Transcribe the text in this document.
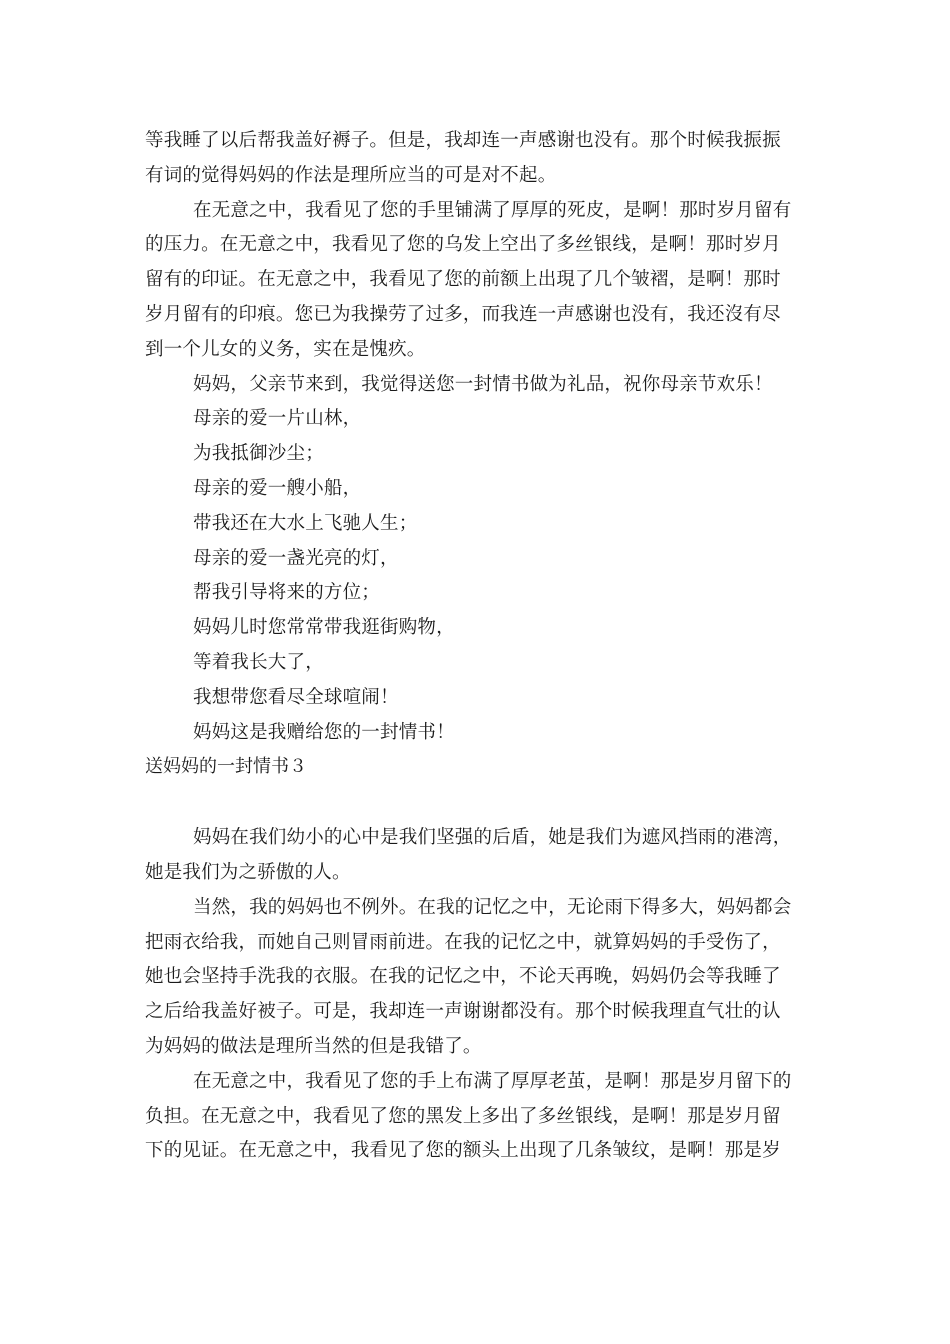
等我睡了以后帮我盖好褥子。但是，我却连一声感谢也没有。那个时候我振振
有词的觉得妈妈的作法是理所应当的可是对不起。
在无意之中，我看见了您的手里铺满了厚厚的死皮，是啊！那时岁月留有
的压力。在无意之中，我看见了您的乌发上空出了多丝银线，是啊！那时岁月
留有的印证。在无意之中，我看见了您的前额上出現了几个皱褶，是啊！那时
岁月留有的印痕。您已为我操劳了过多，而我连一声感谢也没有，我还沒有尽
到一个儿女的义务，实在是愧疚。
妈妈，父亲节来到，我觉得送您一封情书做为礼品，祝你母亲节欢乐！
母亲的爱一片山林，
为我抵御沙尘；
母亲的爱一艘小船，
带我还在大水上飞驰人生；
母亲的爱一盏光亮的灯，
帮我引导将来的方位；
妈妈儿时您常常带我逛街购物，
等着我长大了，
我想带您看尽全球喧闹！
妈妈这是我赠给您的一封情书！
送妈妈的一封情书３
妈妈在我们幼小的心中是我们坚强的后盾，她是我们为遮风挡雨的港湾，
她是我们为之骄傲的人。
当然，我的妈妈也不例外。在我的记忆之中，无论雨下得多大，妈妈都会
把雨衣给我，而她自己则冒雨前进。在我的记忆之中，就算妈妈的手受伤了，
她也会坚持手洗我的衣服。在我的记忆之中，不论天再晚，妈妈仍会等我睡了
之后给我盖好被子。可是，我却连一声谢谢都没有。那个时候我理直气壮的认
为妈妈的做法是理所当然的但是我错了。
在无意之中，我看见了您的手上布满了厚厚老茧，是啊！那是岁月留下的
负担。在无意之中，我看见了您的黑发上多出了多丝银线，是啊！那是岁月留
下的见证。在无意之中，我看见了您的额头上出现了几条皱纹，是啊！那是岁
